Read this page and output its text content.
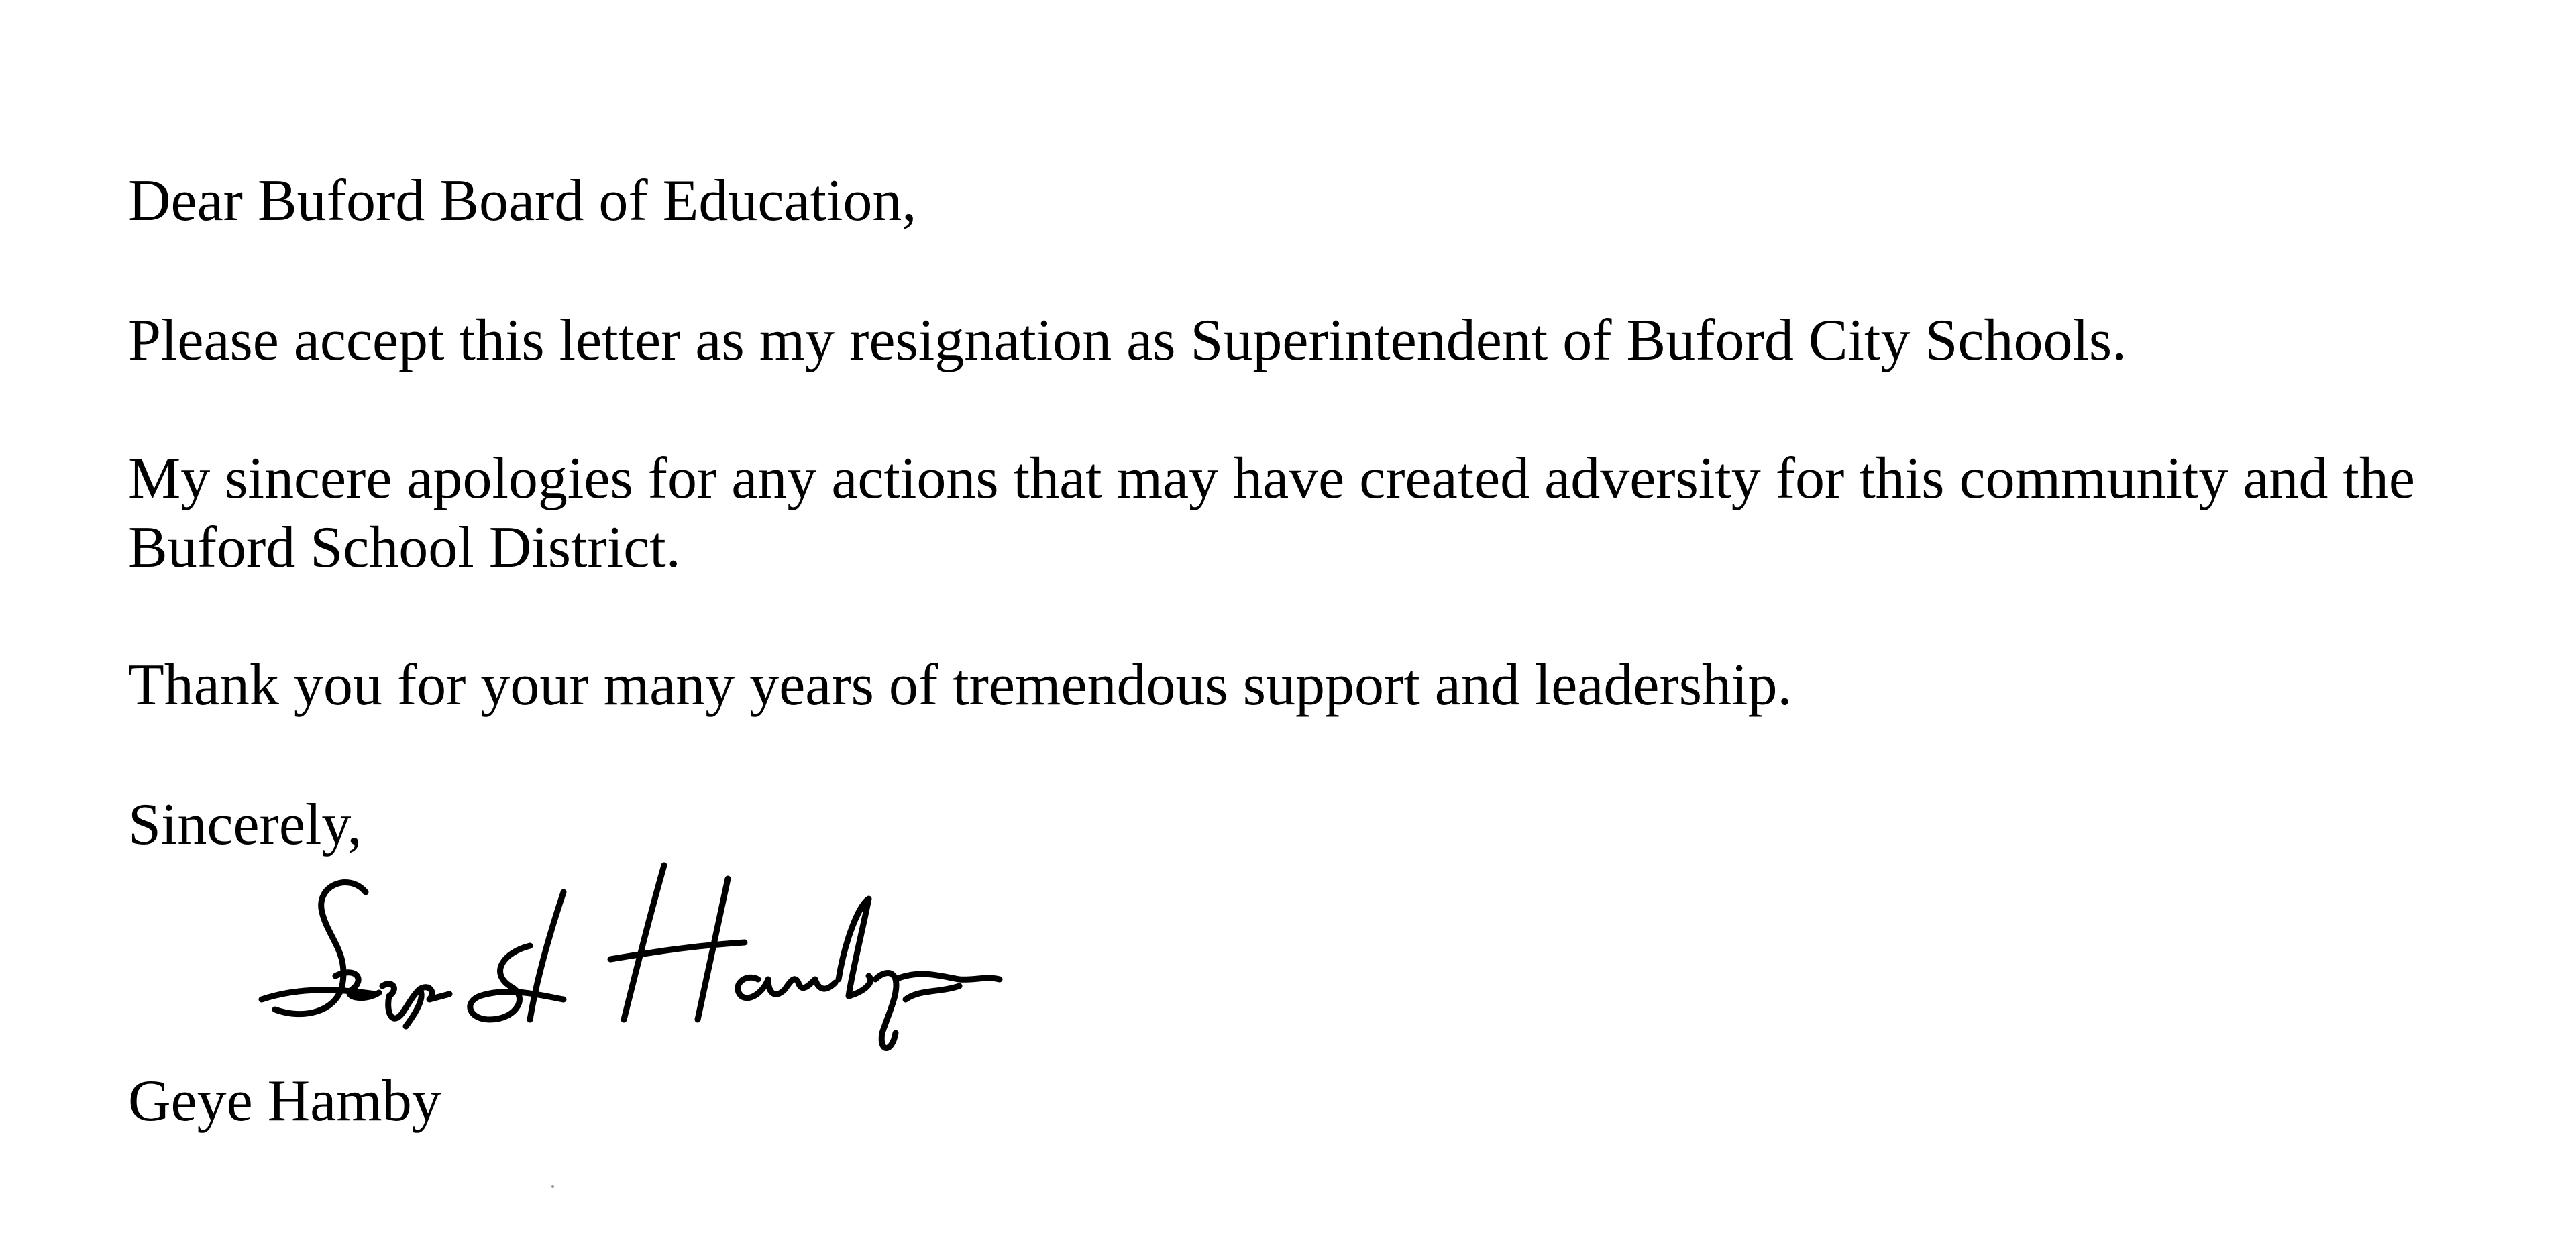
Dear Buford Board of Education,
Please accept this letter as my resignation as Superintendent of Buford City Schools.
My sincere apologies for any actions that may have created adversity for this community and the
Buford School District.
Thank you for your many years of tremendous support and leadership.
Sincerely,
Geye Hamby
